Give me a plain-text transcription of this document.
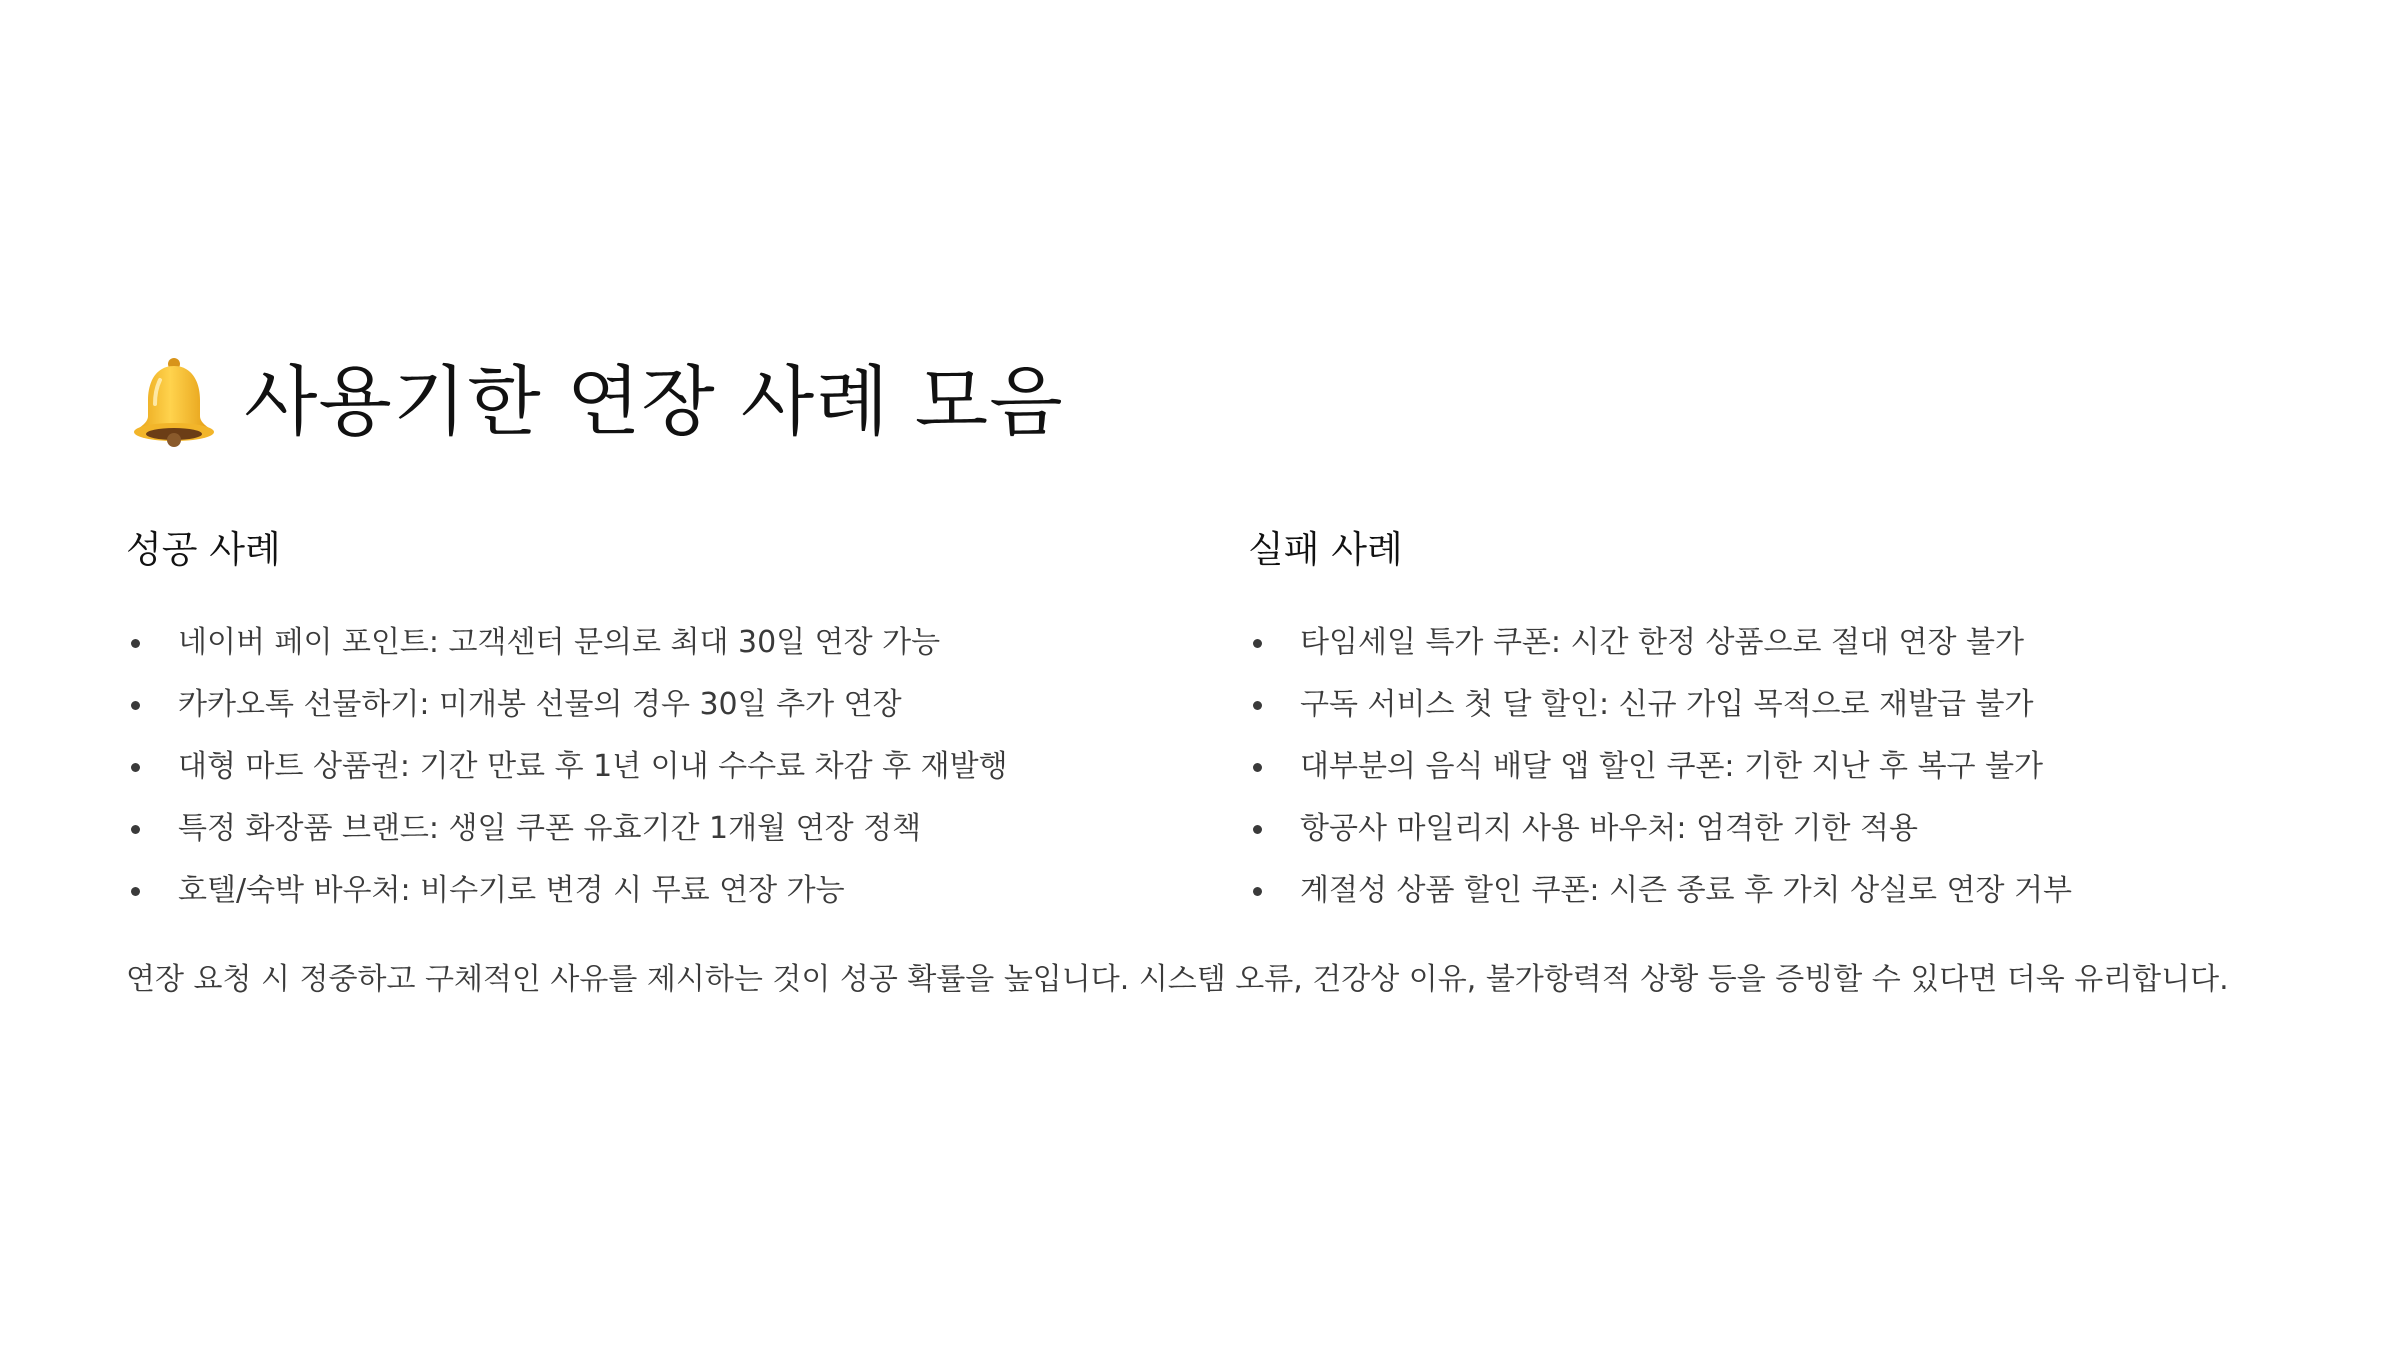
사용기한 연장 사례 모음
성공 사례
네이버 페이 포인트: 고객센터 문의로 최대 30일 연장 가능
카카오톡 선물하기: 미개봉 선물의 경우 30일 추가 연장
대형 마트 상품권: 기간 만료 후 1년 이내 수수료 차감 후 재발행
특정 화장품 브랜드: 생일 쿠폰 유효기간 1개월 연장 정책
호텔/숙박 바우처: 비수기로 변경 시 무료 연장 가능
실패 사례
타임세일 특가 쿠폰: 시간 한정 상품으로 절대 연장 불가
구독 서비스 첫 달 할인: 신규 가입 목적으로 재발급 불가
대부분의 음식 배달 앱 할인 쿠폰: 기한 지난 후 복구 불가
항공사 마일리지 사용 바우처: 엄격한 기한 적용
계절성 상품 할인 쿠폰: 시즌 종료 후 가치 상실로 연장 거부
연장 요청 시 정중하고 구체적인 사유를 제시하는 것이 성공 확률을 높입니다. 시스템 오류, 건강상 이유, 불가항력적 상황 등을 증빙할 수 있다면 더욱 유리합니다.
